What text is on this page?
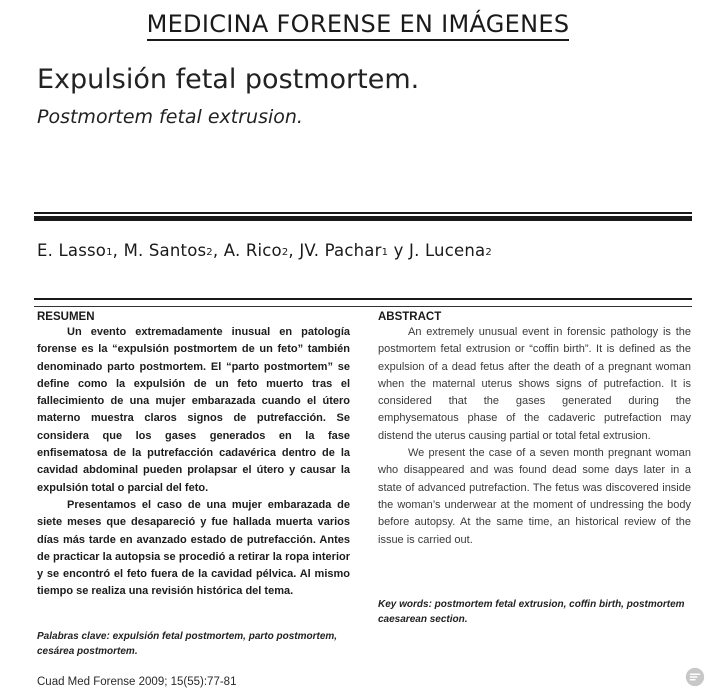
MEDICINA FORENSE EN IMÁGENES
Expulsión fetal postmortem.
Postmortem fetal extrusion.
E. Lasso$^1$, M. Santos$^2$, A. Rico$^2$, JV. Pachar$^1$ y J. Lucena$^2$
RESUMEN

Un evento extremadamente inusual en patología forense es la “expulsión postmortem de un feto” también denominado parto postmortem. El “parto postmortem” se define como la expulsión de un feto muerto tras el fallecimiento de una mujer embarazada cuando el útero materno muestra claros signos de putrefacción. Se considera que los gases generados en la fase enfisematosa de la putrefacción cadavérica dentro de la cavidad abdominal pueden prolapsar el útero y causar la expulsión total o parcial del feto.

Presentamos el caso de una mujer embarazada de siete meses que desapareció y fue hallada muerta varios días más tarde en avanzado estado de putrefacción. Antes de practicar la autopsia se procedió a retirar la ropa interior y se encontró el feto fuera de la cavidad pélvica. Al mismo tiempo se realiza una revisión histórica del tema.

ABSTRACT

An extremely unusual event in forensic pathology is the postmortem fetal extrusion or “coffin birth”. It is defined as the expulsion of a dead fetus after the death of a pregnant woman when the maternal uterus shows signs of putrefaction. It is considered that the gases generated during the emphysematous phase of the cadaveric putrefaction may distend the uterus causing partial or total fetal extrusion.

We present the case of a seven month pregnant woman who disappeared and was found dead some days later in a state of advanced putrefaction. The fetus was discovered inside the woman’s underwear at the moment of undressing the body before autopsy. At the same time, an historical review of the issue is carried out.

Key words: postmortem fetal extrusion, coffin birth, postmortem caesarean section.
Palabras clave: expulsión fetal postmortem, parto postmortem, cesárea postmortem.
Cuad Med Forense 2009; 15(55):77-81
